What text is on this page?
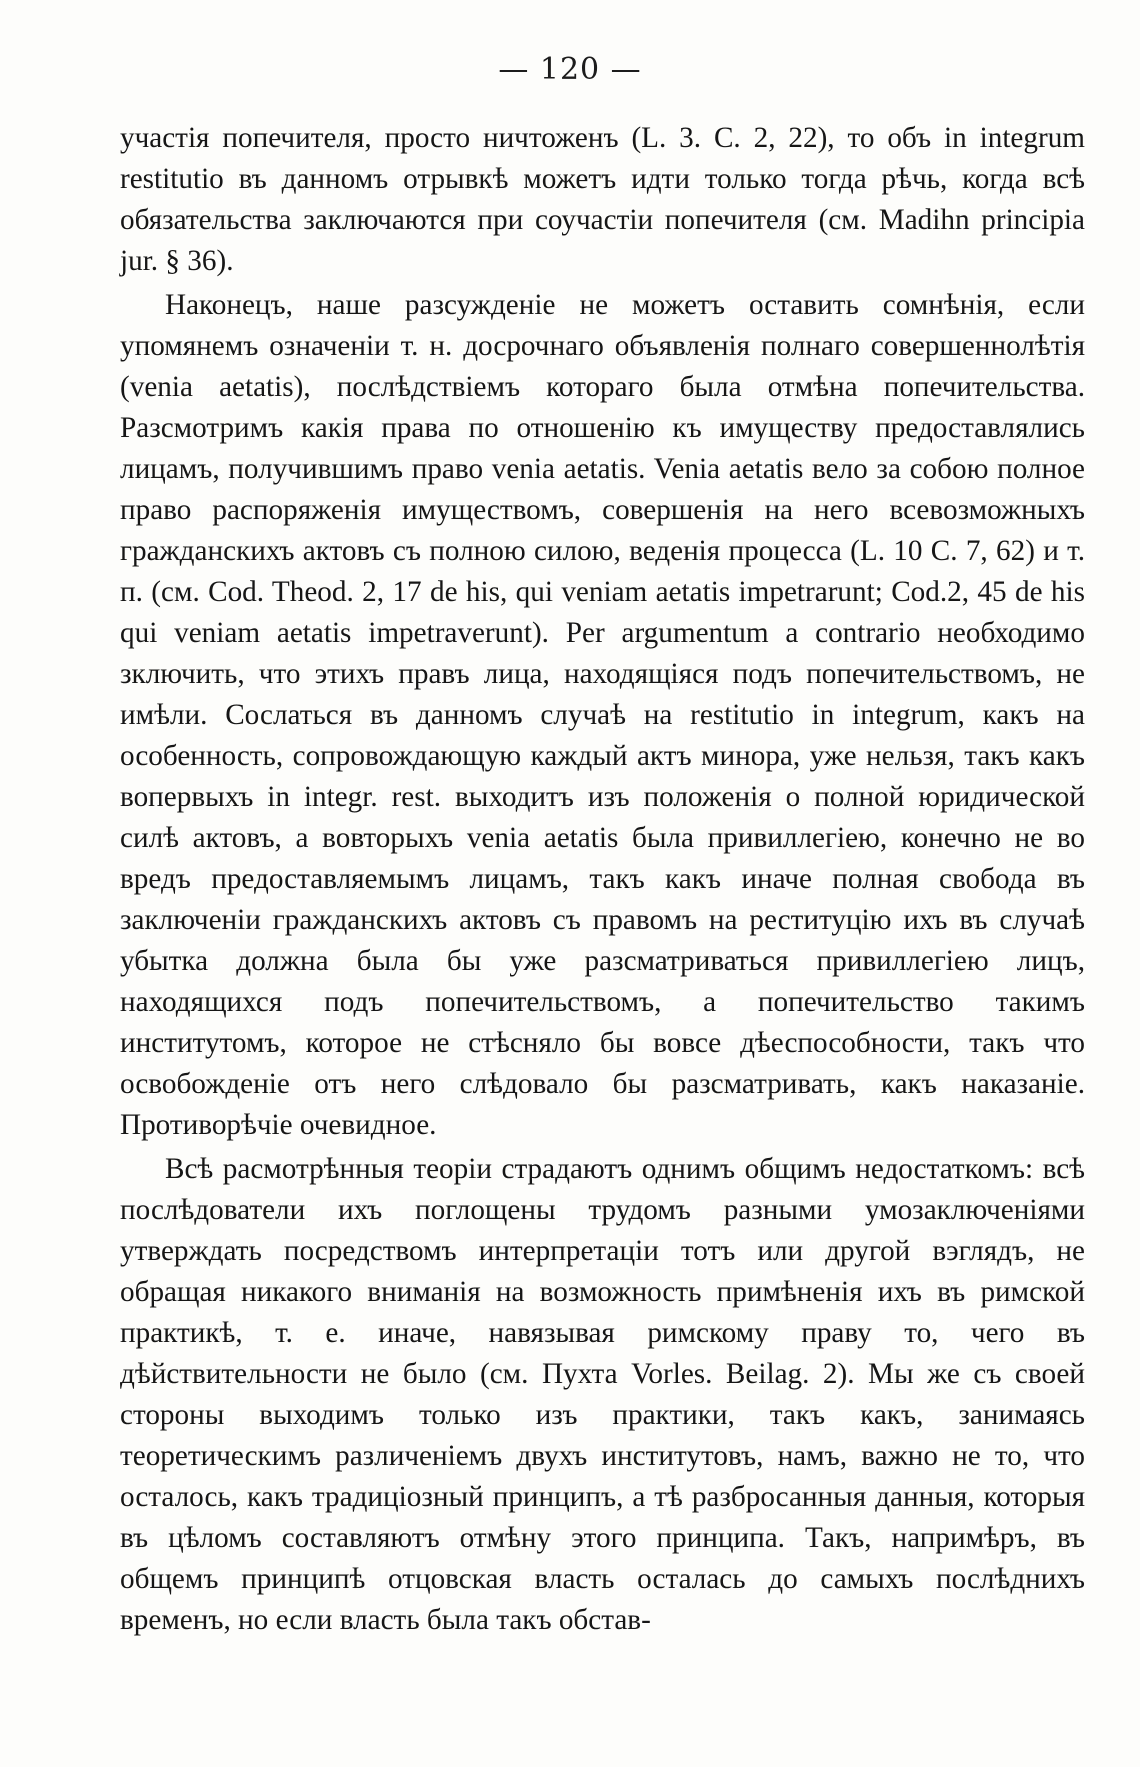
— 120 —

участія попечителя, просто ничтоженъ (L. 3. C. 2, 22), то объ in integrum restitutio въ данномъ отрывкѣ можетъ идти только тогда рѣчь, когда всѣ обязательства заключаются при соучастіи попечителя (см. Madihn principia jur. § 36).

Наконецъ, наше разсужденіе не можетъ оставить сомнѣнія, если упомянемъ означеніи т. н. досрочнаго объявленія полнаго совершеннолѣтія (venia aetatis), послѣдствіемъ котораго была отмѣна попечительства. Разсмотримъ какія права по отношенію къ имуществу предоставлялись лицамъ, получившимъ право venia aetatis. Venia aetatis вело за собою полное право распоряженія имуществомъ, совершенія на него всевозможныхъ гражданскихъ актовъ съ полною силою, веденія процесса (L. 10 C. 7, 62) и т. п. (см. Cod. Theod. 2, 17 de his, qui veniam aetatis impetrarunt; Cod.2, 45 de his qui veniam aetatis impetraverunt). Per argumentum a contrario необходимо зключить, что этихъ правъ лица, находящіяся подъ попечительствомъ, не имѣли. Сослаться въ данномъ случаѣ на restitutio in integrum, какъ на особенность, сопровождающую каждый актъ минора, уже нельзя, такъ какъ вопервыхъ in integr. rest. выходитъ изъ положенія о полной юридической силѣ актовъ, а вовторыхъ venia aetatis была привиллегіею, конечно не во вредъ предоставляемымъ лицамъ, такъ какъ иначе полная свобода въ заключеніи гражданскихъ актовъ съ правомъ на реституцію ихъ въ случаѣ убытка должна была бы уже разсматриваться привиллегіею лицъ, находящихся подъ попечительствомъ, а попечительство такимъ институтомъ, которое не стѣсняло бы вовсе дѣеспособности, такъ что освобожденіе отъ него слѣдовало бы разсматривать, какъ наказаніе. Противорѣчіе очевидное.

Всѣ расмотрѣнныя теоріи страдаютъ однимъ общимъ недостаткомъ: всѣ послѣдователи ихъ поглощены трудомъ разными умозаключеніями утверждать посредствомъ интерпретаціи тотъ или другой вэглядъ, не обращая никакого вниманія на возможность примѣненія ихъ въ римской практикѣ, т. е. иначе, навязывая римскому праву то, чего въ дѣйствительности не было (см. Пухта Vorles. Beilag. 2). Мы же съ своей стороны выходимъ только изъ практики, такъ какъ, занимаясь теоретическимъ различеніемъ двухъ институтовъ, намъ, важно не то, что осталось, какъ традиціозный принципъ, а тѣ разбросанныя данныя, которыя въ цѣломъ составляютъ отмѣну этого принципа. Такъ, напримѣръ, въ общемъ принципѣ отцовская власть осталась до самыхъ послѣднихъ временъ, но если власть была такъ обстав-
